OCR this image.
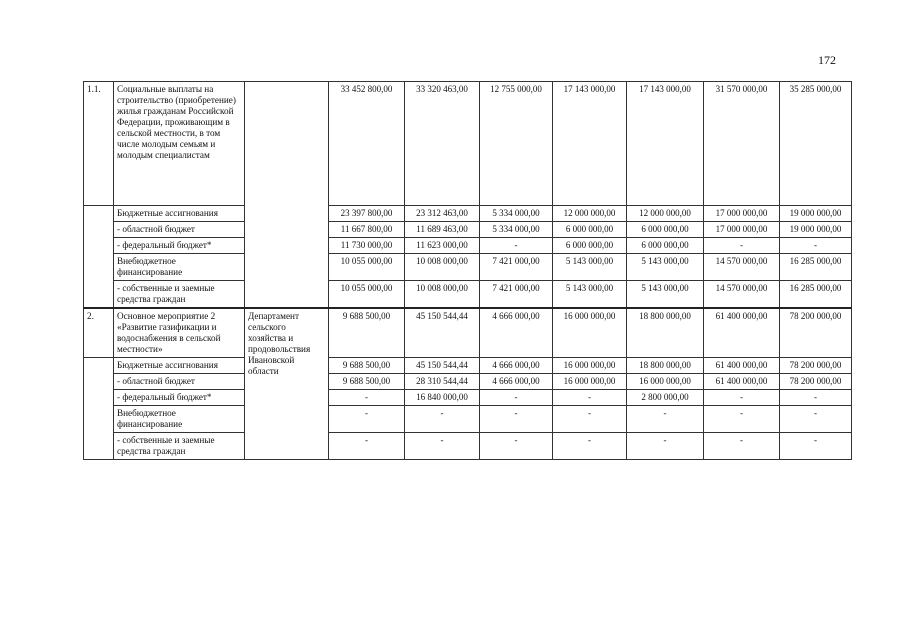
172
1.1.	Социальные выплаты на строительство (приобретение) жилья гражданам Российской Федерации, проживающим в сельской местности, в том числе молодым семьям и молодым специалистам		33 452 800,00	33 320 463,00	12 755 000,00	17 143 000,00	17 143 000,00	31 570 000,00	35 285 000,00
	Бюджетные ассигнования		23 397 800,00	23 312 463,00	5 334 000,00	12 000 000,00	12 000 000,00	17 000 000,00	19 000 000,00
	- областной бюджет		11 667 800,00	11 689 463,00	5 334 000,00	6 000 000,00	6 000 000,00	17 000 000,00	19 000 000,00
	- федеральный бюджет*		11 730 000,00	11 623 000,00	-	6 000 000,00	6 000 000,00	-	-
	Внебюджетное финансирование		10 055 000,00	10 008 000,00	7 421 000,00	5 143 000,00	5 143 000,00	14 570 000,00	16 285 000,00
	- собственные и заемные средства граждан		10 055 000,00	10 008 000,00	7 421 000,00	5 143 000,00	5 143 000,00	14 570 000,00	16 285 000,00
2.	Основное мероприятие 2 «Развитие газификации и водоснабжения в сельской местности»	Департамент сельского хозяйства и продовольствия Ивановской области	9 688 500,00	45 150 544,44	4 666 000,00	16 000 000,00	18 800 000,00	61 400 000,00	78 200 000,00
	Бюджетные ассигнования		9 688 500,00	45 150 544,44	4 666 000,00	16 000 000,00	18 800 000,00	61 400 000,00	78 200 000,00
	- областной бюджет		9 688 500,00	28 310 544,44	4 666 000,00	16 000 000,00	16 000 000,00	61 400 000,00	78 200 000,00
	- федеральный бюджет*		-	16 840 000,00	-	-	2 800 000,00	-	-
	Внебюджетное финансирование		-	-	-	-	-	-	-
	- собственные и заемные средства граждан		-	-	-	-	-	-	-
